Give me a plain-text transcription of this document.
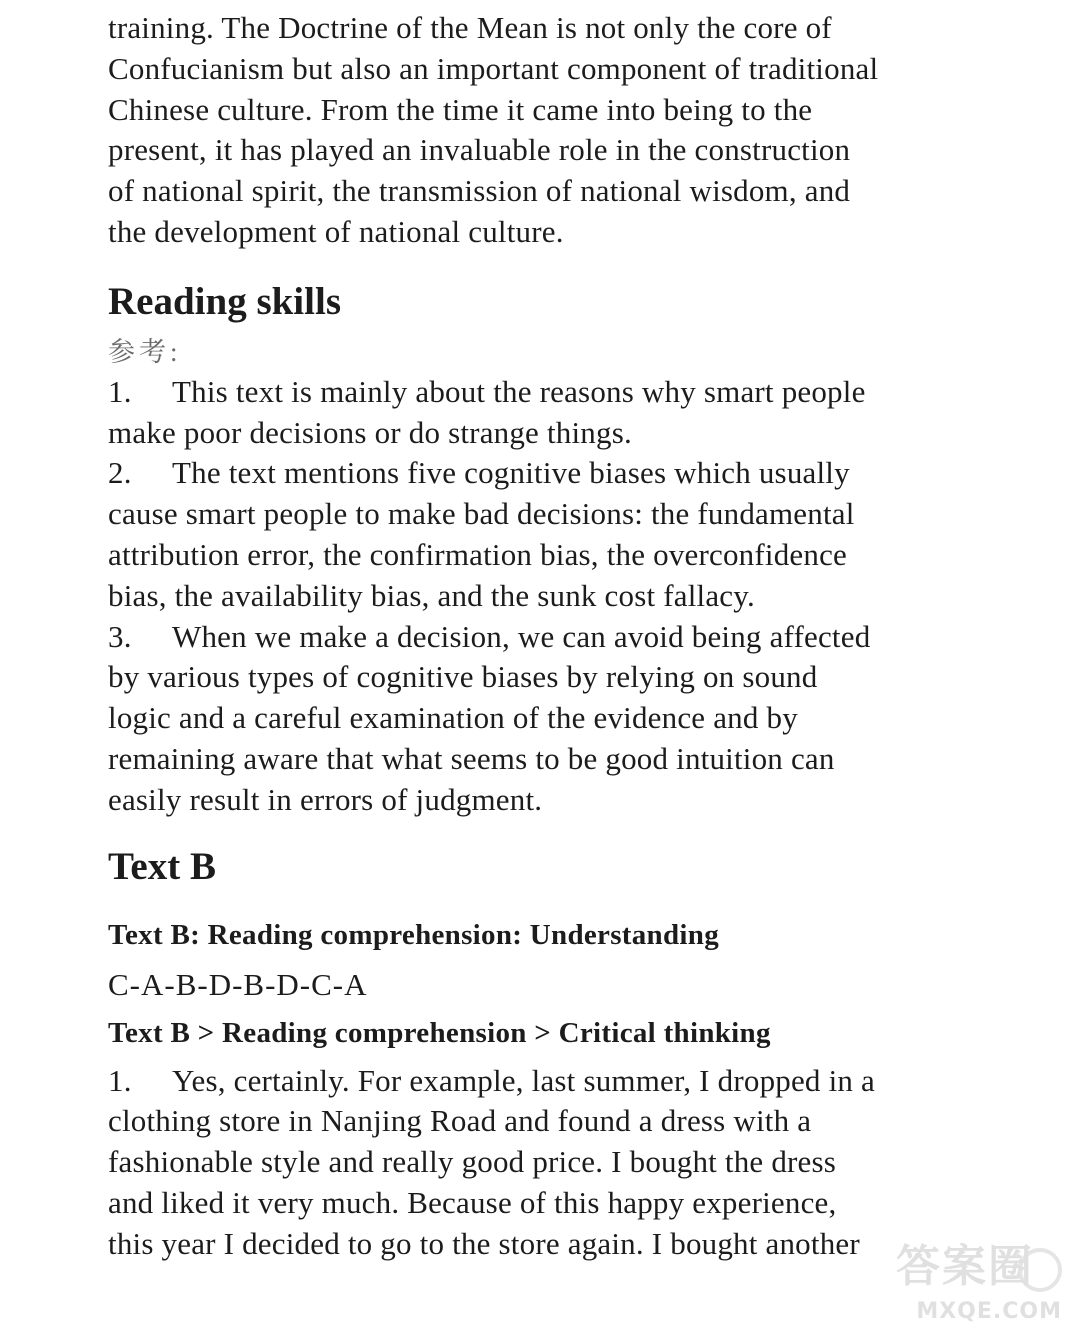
training. The Doctrine of the Mean is not only the core of
Confucianism but also an important component of traditional
Chinese culture. From the time it came into being to the
present, it has played an invaluable role in the construction
of national spirit, the transmission of national wisdom, and
the development of national culture.

Reading skills

参考:

1. This text is mainly about the reasons why smart people
make poor decisions or do strange things.

2. The text mentions five cognitive biases which usually
cause smart people to make bad decisions: the fundamental
attribution error, the confirmation bias, the overconfidence
bias, the availability bias, and the sunk cost fallacy.

3. When we make a decision, we can avoid being affected
by various types of cognitive biases by relying on sound
logic and a careful examination of the evidence and by
remaining aware that what seems to be good intuition can
easily result in errors of judgment.

Text B
Text B: Reading comprehension: Understanding

C-A-B-D-B-D-C-A

Text B > Reading comprehension > Critical thinking

1. Yes, certainly. For example, last summer, I dropped in a
clothing store in Nanjing Road and found a dress with a
fashionable style and really good price. I bought the dress
and liked it very much. Because of this happy experience,
this year I decided to go to the store again. I bought another 答案圈
MXQE.COM
